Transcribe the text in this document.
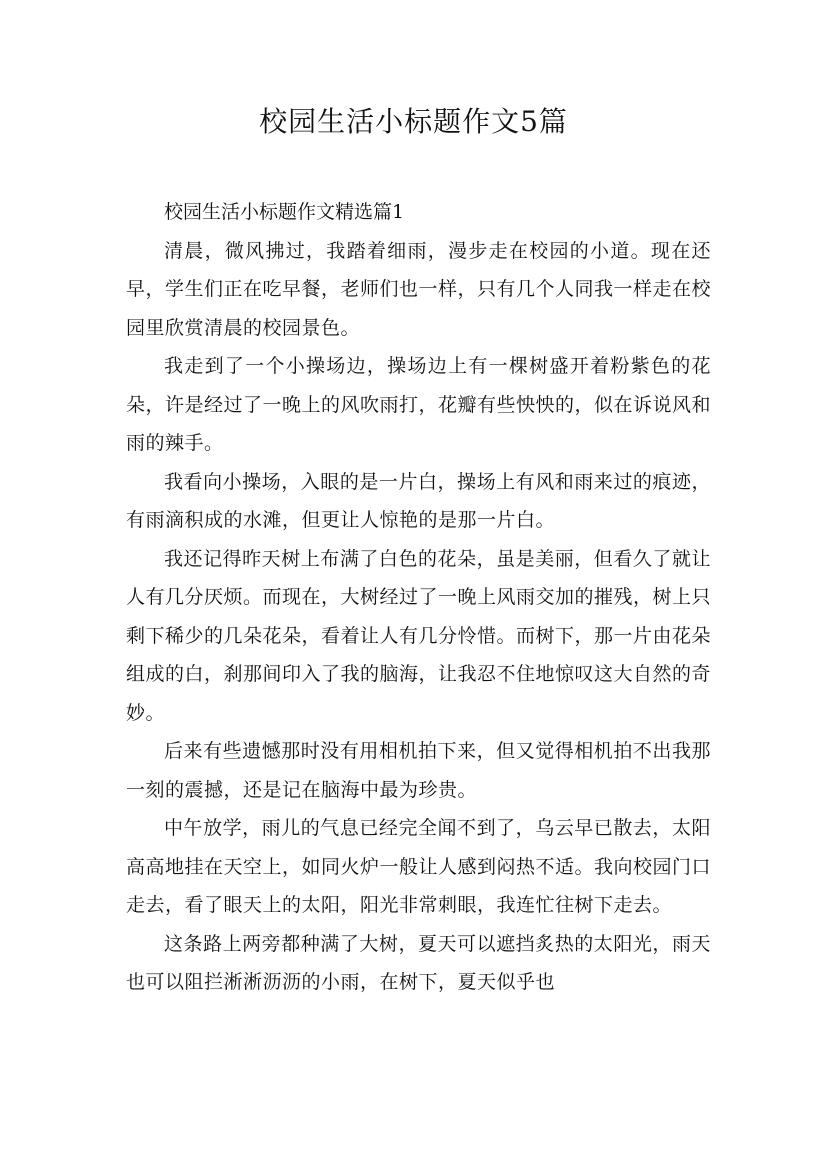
校园生活小标题作文5篇

校园生活小标题作文精选篇1

清晨，微风拂过，我踏着细雨，漫步走在校园的小道。现在还早，学生们正在吃早餐，老师们也一样，只有几个人同我一样走在校园里欣赏清晨的校园景色。

我走到了一个小操场边，操场边上有一棵树盛开着粉紫色的花朵，许是经过了一晚上的风吹雨打，花瓣有些怏怏的，似在诉说风和雨的辣手。

我看向小操场，入眼的是一片白，操场上有风和雨来过的痕迹，有雨滴积成的水滩，但更让人惊艳的是那一片白。

我还记得昨天树上布满了白色的花朵，虽是美丽，但看久了就让人有几分厌烦。而现在，大树经过了一晚上风雨交加的摧残，树上只剩下稀少的几朵花朵，看着让人有几分怜惜。而树下，那一片由花朵组成的白，刹那间印入了我的脑海，让我忍不住地惊叹这大自然的奇妙。

后来有些遗憾那时没有用相机拍下来，但又觉得相机拍不出我那一刻的震撼，还是记在脑海中最为珍贵。

中午放学，雨儿的气息已经完全闻不到了，乌云早已散去，太阳高高地挂在天空上，如同火炉一般让人感到闷热不适。我向校园门口走去，看了眼天上的太阳，阳光非常刺眼，我连忙往树下走去。

这条路上两旁都种满了大树，夏天可以遮挡炙热的太阳光，雨天也可以阻拦淅淅沥沥的小雨，在树下，夏天似乎也
